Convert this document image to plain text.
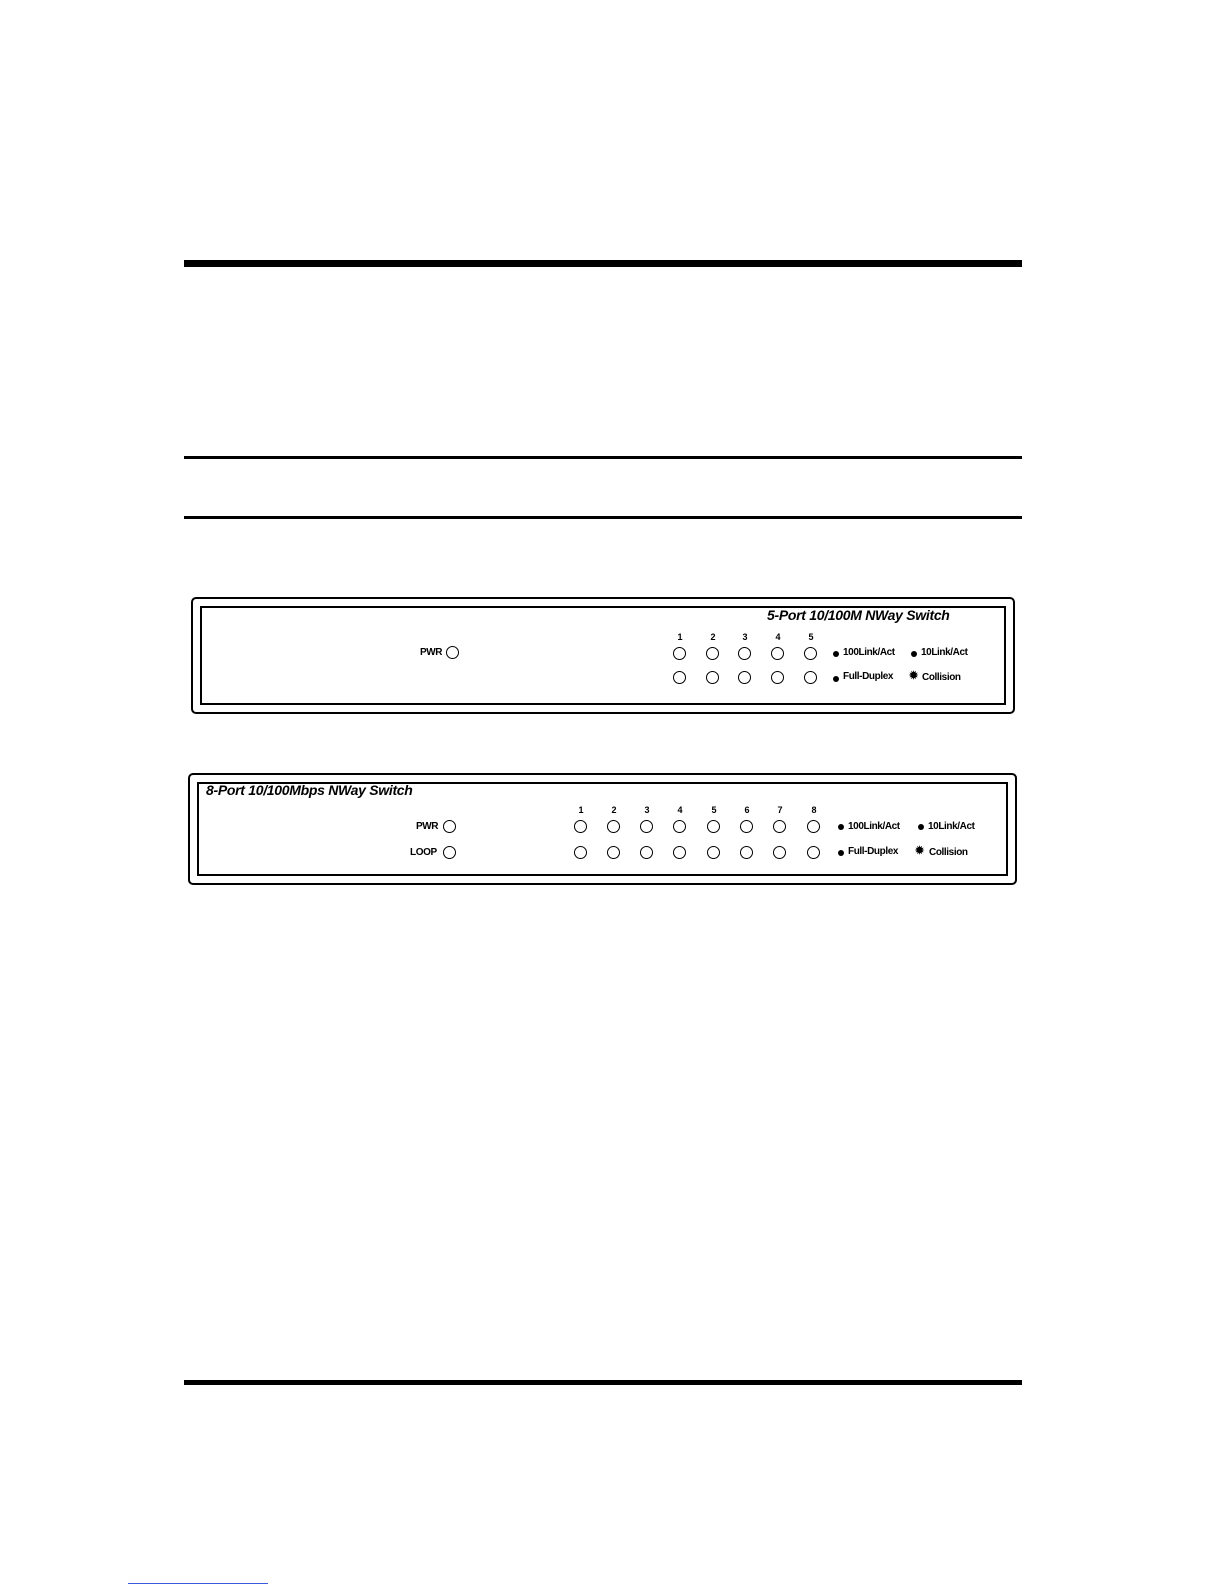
5-Port 10/100M NWay Switch
PWR
1	2	3	4	5
100Link/Act	10Link/Act
Full-Duplex ✹ Collision
8-Port 10/100Mbps NWay Switch
PWR
LOOP
1	2	3	4	5	6	7	8
100Link/Act	10Link/Act
Full-Duplex ✹ Collision
